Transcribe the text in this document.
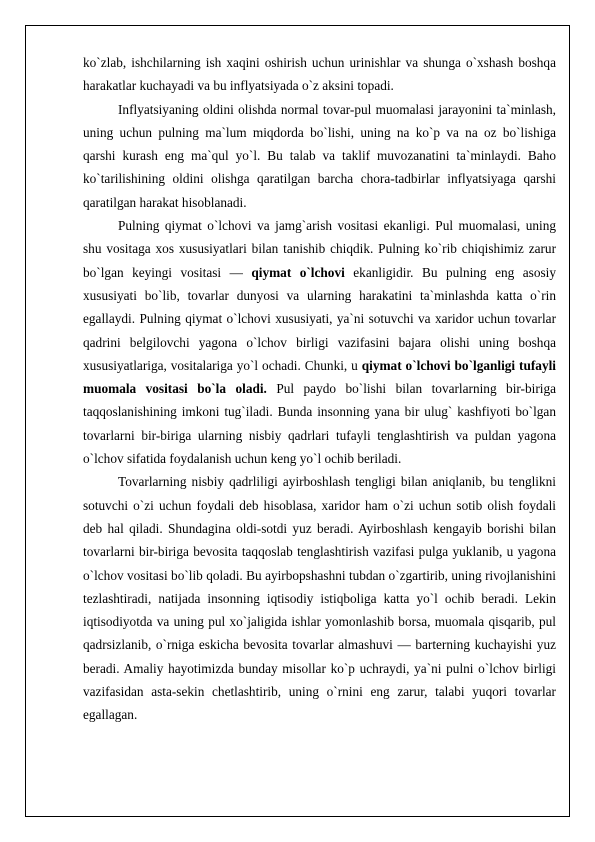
ko`zlab, ishchilarning ish xaqini oshirish uchun urinishlar va shunga o`xshash boshqa harakatlar kuchayadi va bu inflyatsiyada o`z aksini topadi.

Inflyatsiyaning oldini olishda normal tovar-pul muomalasi jarayonini ta`minlash, uning uchun pulning ma`lum miqdorda bo`lishi, uning na ko`p va na oz bo`lishiga qarshi kurash eng ma`qul yo`l. Bu talab va taklif muvozanatini ta`minlaydi. Baho ko`tarilishining oldini olishga qaratilgan barcha chora-tadbirlar inflyatsiyaga qarshi qaratilgan harakat hisoblanadi.

Pulning qiymat o`lchovi va jamg`arish vositasi ekanligi. Pul muomalasi, uning shu vositaga xos xususiyatlari bilan tanishib chiqdik. Pulning ko`rib chiqishimiz zarur bo`lgan keyingi vositasi — qiymat o`lchovi ekanligidir. Bu pulning eng asosiy xususiyati bo`lib, tovarlar dunyosi va ularning harakatini ta`minlashda katta o`rin egallaydi. Pulning qiymat o`lchovi xususiyati, ya`ni sotuvchi va xaridor uchun tovarlar qadrini belgilovchi yagona o`lchov birligi vazifasini bajara olishi uning boshqa xususiyatlariga, vositalariga yo`l ochadi. Chunki, u qiymat o`lchovi bo`lganligi tufayli muomala vositasi bo`la oladi. Pul paydo bo`lishi bilan tovarlarning bir-biriga taqqoslanishining imkoni tug`iladi. Bunda insonning yana bir ulug` kashfiyoti bo`lgan tovarlarni bir-biriga ularning nisbiy qadrlari tufayli tenglashtirish va puldan yagona o`lchov sifatida foydalanish uchun keng yo`l ochib beriladi.

Tovarlarning nisbiy qadrliligi ayirboshlash tengligi bilan aniqlanib, bu tenglikni sotuvchi o`zi uchun foydali deb hisoblasa, xaridor ham o`zi uchun sotib olish foydali deb hal qiladi. Shundagina oldi-sotdi yuz beradi. Ayirboshlash kengayib borishi bilan tovarlarni bir-biriga bevosita taqqoslab tenglashtirish vazifasi pulga yuklanib, u yagona o`lchov vositasi bo`lib qoladi. Bu ayirbopshashni tubdan o`zgartirib, uning rivojlanishini tezlashtiradi, natijada insonning iqtisodiy istiqboliga katta yo`l ochib beradi. Lekin iqtisodiyotda va uning pul xo`jaligida ishlar yomonlashib borsa, muomala qisqarib, pul qadrsizlanib, o`rniga eskicha bevosita tovarlar almashuvi — barterning kuchayishi yuz beradi. Amaliy hayotimizda bunday misollar ko`p uchraydi, ya`ni pulni o`lchov birligi vazifasidan asta-sekin chetlashtirib, uning o`rnini eng zarur, talabi yuqori tovarlar egallagan.
